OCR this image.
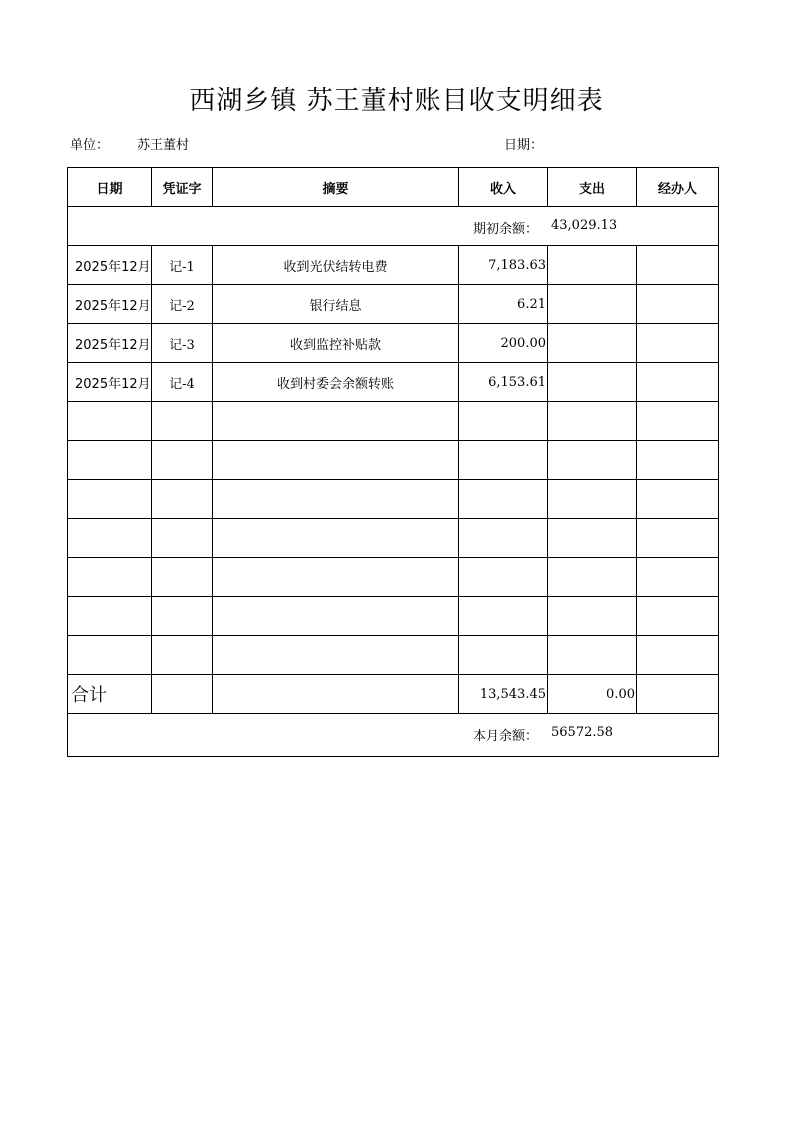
西湖乡镇 苏王董村账目收支明细表
单位： 苏王董村	日期：
日期	凭证字	摘要	收入	支出	经办人

期初余额： 43,029.13					

2025年12月	记-1	收到光伏结转电费	7,183.63		
2025年12月	记-2	银行结息	6.21		
2025年12月	记-3	收到监控补贴款	200.00		
2025年12月	记-4	收到村委会余额转账	6,153.61		

合计			13,543.45	0.00	

本月余额： 56572.58					
